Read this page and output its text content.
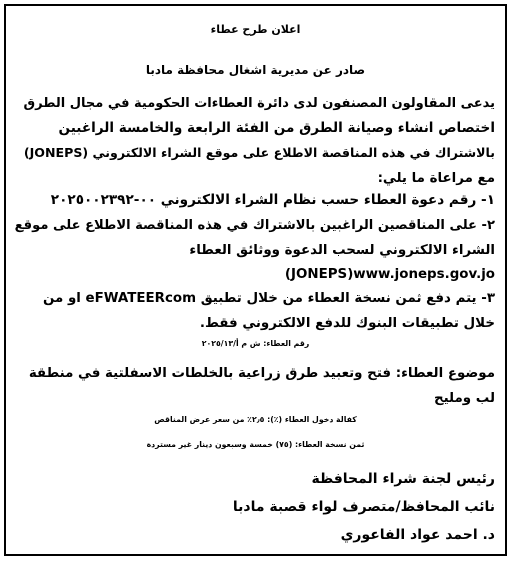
اعلان طرح عطاء
صادر عن مديرية اشغال محافظة مادبا
يدعى المقاولون المصنفون لدى دائرة العطاءات الحكومية في مجال الطرق
اختصاص انشاء وصيانة الطرق من الفئة الرابعة والخامسة الراغبين
بالاشتراك في هذه المناقصة الاطلاع على موقع الشراء الالكتروني (JONEPS)
مع مراعاة ما يلي:
١- رقم دعوة العطاء حسب نظام الشراء الالكتروني ٠٠-٢٠٢٥٠٠٢٣٩٢
٢- على المناقصين الراغبين بالاشتراك في هذه المناقصة الاطلاع على موقع
الشراء الالكتروني لسحب الدعوة ووثائق العطاء
(JONEPS)www.joneps.gov.jo
٣- يتم دفع ثمن نسخة العطاء من خلال تطبيق eFWATEERcom او من
خلال تطبيقات البنوك للدفع الالكتروني فقط.
رقم العطاء: ش م أ/٢٠٢٥/١٣
موضوع العطاء: فتح وتعبيد طرق زراعية بالخلطات الاسفلتية في منطقة
لب ومليح
كفالة دخول العطاء (٪): ٢٫٥٪ من سعر عرض المناقص
ثمن نسخة العطاء: (٧٥) خمسة وسبعون دينار غير مستردة
رئيس لجنة شراء المحافظة
نائب المحافظ/متصرف لواء قصبة مادبا
د. احمد عواد الفاعوري
